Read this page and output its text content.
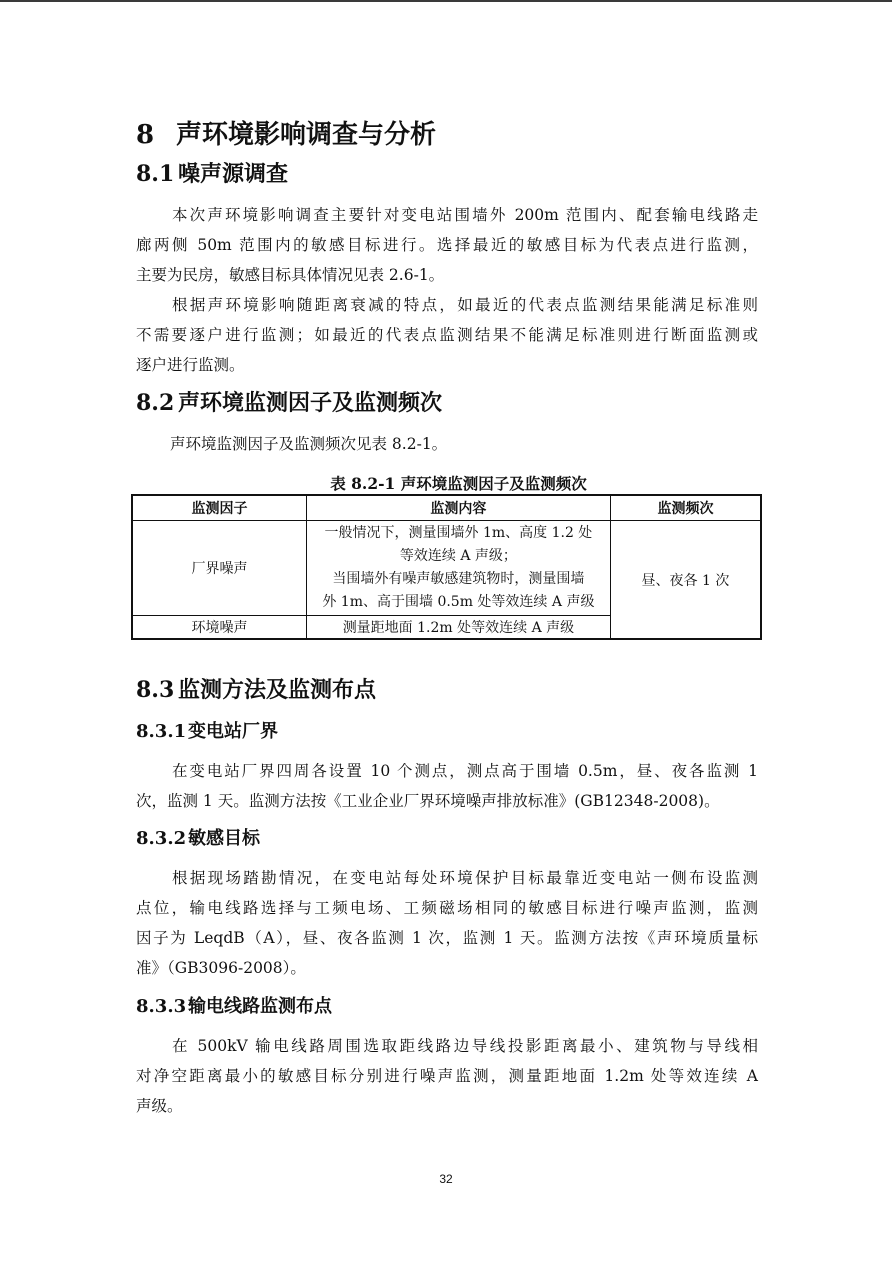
8 声环境影响调查与分析
8.1 噪声源调查
本次声环境影响调查主要针对变电站围墙外 200m 范围内、配套输电线路走
廊两侧 50m 范围内的敏感目标进行。选择最近的敏感目标为代表点进行监测，
主要为民房，敏感目标具体情况见表 2.6-1。
根据声环境影响随距离衰减的特点，如最近的代表点监测结果能满足标准则
不需要逐户进行监测；如最近的代表点监测结果不能满足标准则进行断面监测或
逐户进行监测。
8.2 声环境监测因子及监测频次
声环境监测因子及监测频次见表 8.2-1。
表 8.2-1 声环境监测因子及监测频次
监测因子	监测内容	监测频次
厂界噪声	一般情况下，测量围墙外 1m、高度 1.2 处
等效连续 A 声级；
当围墙外有噪声敏感建筑物时，测量围墙
外 1m、高于围墙 0.5m 处等效连续 A 声级	昼、夜各 1 次
环境噪声	测量距地面 1.2m 处等效连续 A 声级	
8.3 监测方法及监测布点
8.3.1 变电站厂界
在变电站厂界四周各设置 10 个测点，测点高于围墙 0.5m，昼、夜各监测 1
次，监测 1 天。监测方法按《工业企业厂界环境噪声排放标准》(GB12348-2008)。
8.3.2 敏感目标
根据现场踏勘情况，在变电站每处环境保护目标最靠近变电站一侧布设监测
点位，输电线路选择与工频电场、工频磁场相同的敏感目标进行噪声监测，监测
因子为 LeqdB（A），昼、夜各监测 1 次，监测 1 天。监测方法按《声环境质量标
准》（GB3096-2008）。
8.3.3 输电线路监测布点
在 500kV 输电线路周围选取距线路边导线投影距离最小、建筑物与导线相
对净空距离最小的敏感目标分别进行噪声监测，测量距地面 1.2m 处等效连续 A
声级。
32
